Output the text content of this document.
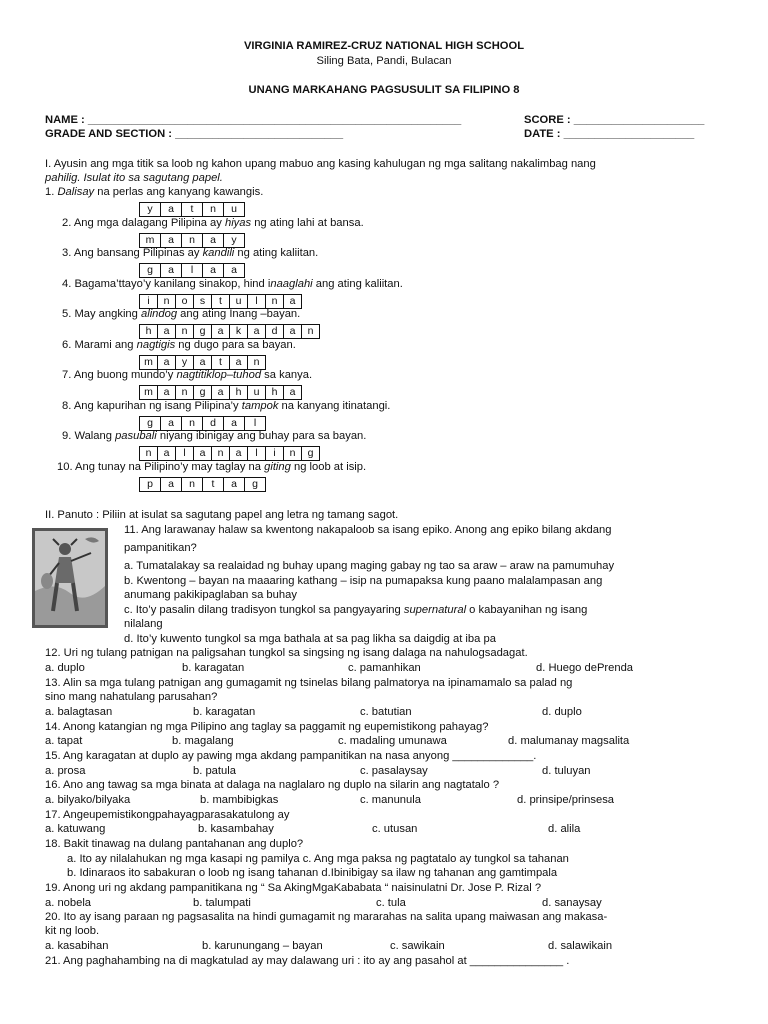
VIRGINIA RAMIREZ-CRUZ NATIONAL HIGH SCHOOL
Siling Bata, Pandi, Bulacan
UNANG MARKAHANG PAGSUSULIT SA FILIPINO 8
NAME : ____________________________________________________________	SCORE : _____________________
GRADE AND SECTION : ___________________________	DATE : _____________________
I. Ayusin ang mga titik sa loob ng kahon upang mabuo ang kasing kahulugan ng mga salitang nakalimbag nang
pahilig. Isulat ito sa sagutang papel.
1. Dalisay na perlas ang kanyang kawangis.
y	a	t	n	u
2. Ang mga dalagang Pilipina ay hiyas ng ating lahi at bansa.
m	a	n	a	y
3. Ang bansang Pilipinas ay kandili ng ating kaliitan.
g	a	l	a	a
4. Bagama’ttayo’y kanilang sinakop, hind inaaglahi ang ating kaliitan.
i	n	o	s	t	u	l	n	a
5. May angking alindog ang ating Inang –bayan.
h	a	n	g	a	k	a	d	a	n
6. Marami ang nagtigis ng dugo para sa bayan.
m	a	y	a	t	a	n
7. Ang buong mundo’y nagtitiklop–tuhod sa kanya.
m	a	n	g	a	h	u	h	a
8. Ang kapurihan ng isang Pilipina’y tampok na kanyang itinatangi.
g	a	n	d	a	l
9. Walang pasubali niyang ibinigay ang buhay para sa bayan.
n	a	l	a	n	a	l	i	n	g
10. Ang tunay na Pilipino’y may taglay na giting ng loob at isip.
p	a	n	t	a	g
II. Panuto : Piliin at isulat sa sagutang papel ang letra ng tamang sagot.
11. Ang larawanay halaw sa kwentong nakapaloob sa isang epiko. Anong ang epiko bilang akdang
pampanitikan?
a. Tumatalakay sa realaidad ng buhay upang maging gabay ng tao sa araw – araw na pamumuhay
b. Kwentong – bayan na maaaring kathang – isip na pumapaksa kung paano malalampasan ang
anumang pakikipaglaban sa buhay
c. Ito’y pasalin dilang tradisyon tungkol sa pangyayaring supernatural o kabayanihan ng isang
nilalang
d. Ito’y kuwento tungkol sa mga bathala at sa pag likha sa daigdig at iba pa
12. Uri ng tulang patnigan na paligsahan tungkol sa singsing ng isang dalaga na nahulogsadagat.
13. Alin sa mga tulang patnigan ang gumagamit ng tsinelas bilang palmatorya na ipinamamalo sa palad ng
sino mang nahatulang parusahan?
14. Anong katangian ng mga Pilipino ang taglay sa paggamit ng eupemistikong pahayag?
15. Ang karagatan at duplo ay pawing mga akdang pampanitikan na nasa anyong _____________.
16. Ano ang tawag sa mga binata at dalaga na naglalaro ng duplo na silarin ang nagtatalo ?
17. Angeupemistikongpahayagparasakatulong ay
18. Bakit tinawag na dulang pantahanan ang duplo?
a. Ito ay nilalahukan ng mga kasapi ng pamilya c. Ang mga paksa ng pagtatalo ay tungkol sa tahanan
b. Idinaraos ito sabakuran o loob ng isang tahanan d.Ibinibigay sa ilaw ng tahanan ang gamtimpala
19. Anong uri ng akdang pampanitikana ng “ Sa AkingMgaKababata “ naisinulatni Dr. Jose P. Rizal ?
20. Ito ay isang paraan ng pagsasalita na hindi gumagamit ng mararahas na salita upang maiwasan ang makasa-
kit ng loob.
21. Ang paghahambing na di magkatulad ay may dalawang uri : ito ay ang pasahol at _______________ .
a. duplo	b. karagatan	c. pamanhikan	d. Huego dePrenda
a. balagtasan	b. karagatan	c. batutian	d. duplo
a. tapat	b. magalang	c. madaling umunawa	d. malumanay magsalita
a. prosa	b. patula	c. pasalaysay	d. tuluyan
a. bilyako/bilyaka	b. mambibigkas	c. manunula	d. prinsipe/prinsesa
a. katuwang	b. kasambahay	c. utusan	d. alila
a. nobela	b. talumpati	c. tula	d. sanaysay
a. kasabihan	b. karunungang – bayan	c. sawikain	d. salawikain
